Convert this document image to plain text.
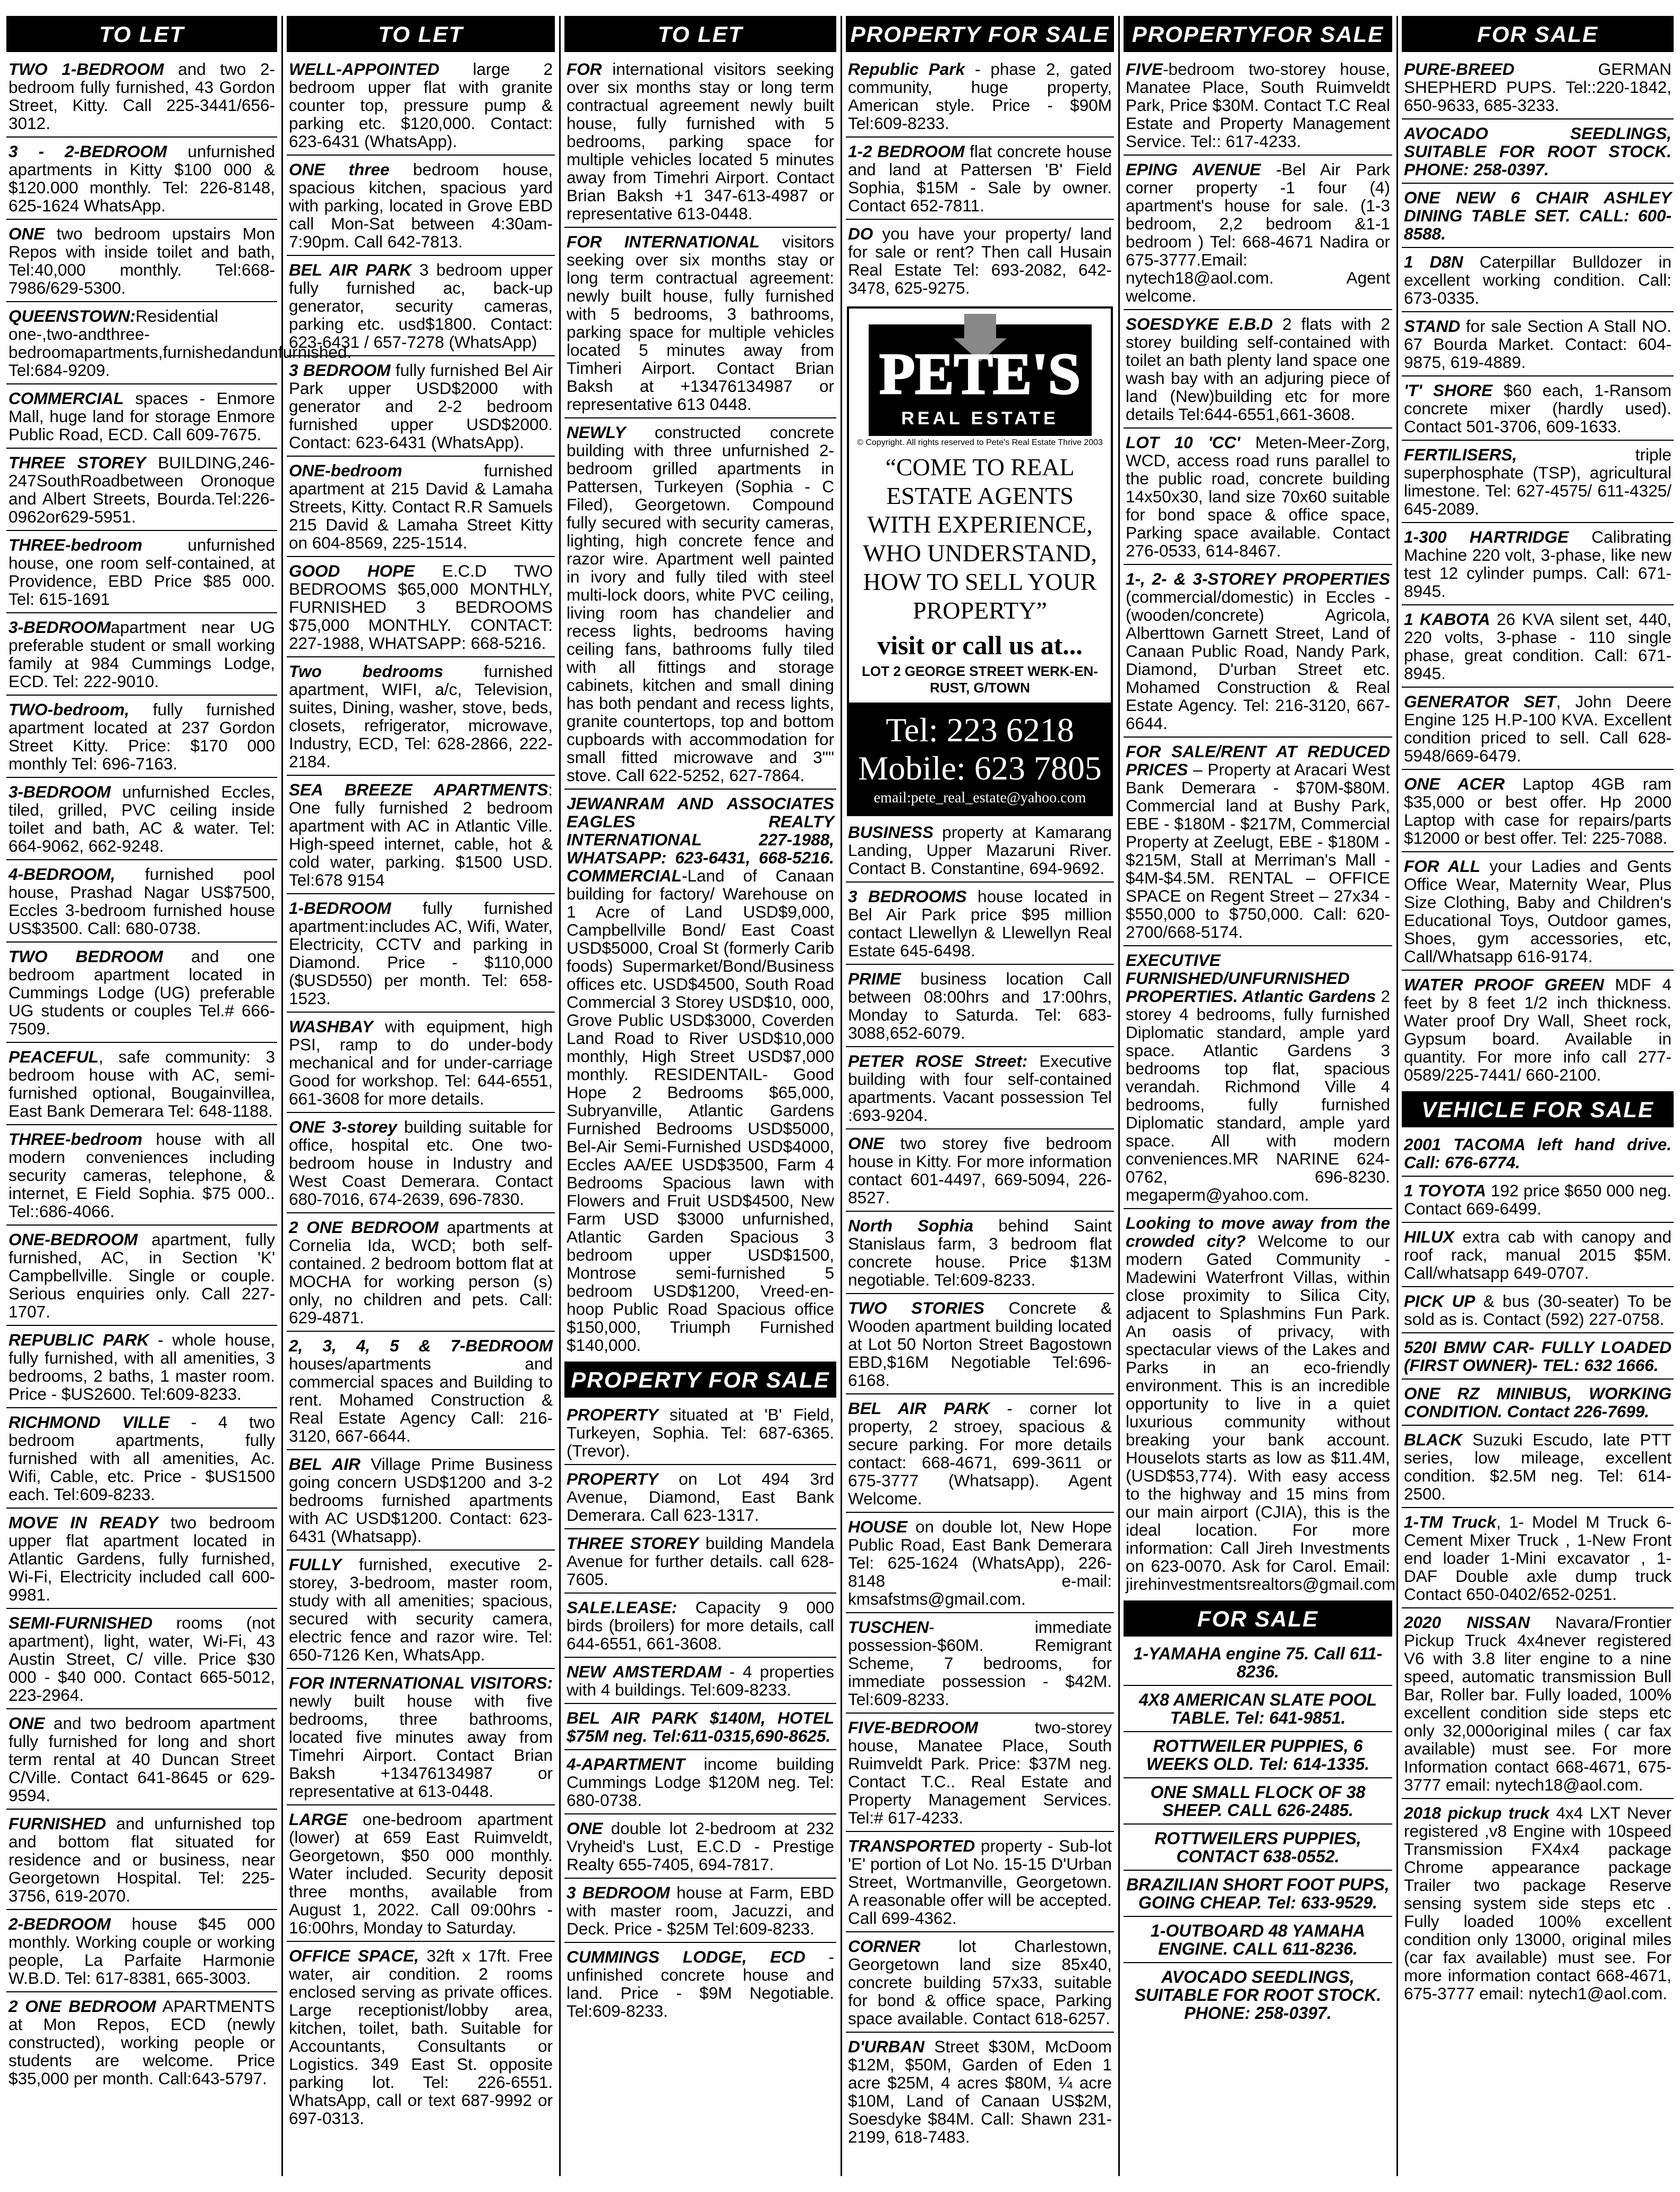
TO LET
TWO 1-BEDROOM and two 2-bedroom fully furnished, 43 Gordon Street, Kitty. Call 225-3441/656-3012.
3 - 2-BEDROOM unfurnished apartments in Kitty $100 000 & $120.000 monthly. Tel: 226-8148, 625-1624 WhatsApp.
ONE two bedroom upstairs Mon Repos with inside toilet and bath, Tel:40,000 monthly. Tel:668-7986/629-5300.
QUEENSTOWN:Residential one-,two-andthree-bedroomapartments,furnishedandunfurnished. Tel:684-9209.
COMMERCIAL spaces - Enmore Mall, huge land for storage Enmore Public Road, ECD. Call 609-7675.
THREE STOREY BUILDING,246-247SouthRoadbetween Oronoque and Albert Streets, Bourda.Tel:226-0962or629-5951.
THREE-bedroom unfurnished house, one room self-contained, at Providence, EBD Price $85 000. Tel: 615-1691
3-BEDROOMapartment near UG preferable student or small working family at 984 Cummings Lodge, ECD. Tel: 222-9010.
TWO-bedroom, fully furnished apartment located at 237 Gordon Street Kitty. Price: $170 000 monthly Tel: 696-7163.
3-BEDROOM unfurnished Eccles, tiled, grilled, PVC ceiling inside toilet and bath, AC & water. Tel: 664-9062, 662-9248.
4-BEDROOM, furnished pool house, Prashad Nagar US$7500, Eccles 3-bedroom furnished house US$3500. Call: 680-0738.
TWO BEDROOM and one bedroom apartment located in Cummings Lodge (UG) preferable UG students or couples Tel.# 666-7509.
PEACEFUL, safe community: 3 bedroom house with AC, semi-furnished optional, Bougainvillea, East Bank Demerara Tel: 648-1188.
THREE-bedroom house with all modern conveniences including security cameras, telephone, & internet, E Field Sophia. $75 000.. Tel::686-4066.
ONE-BEDROOM apartment, fully furnished, AC, in Section 'K' Campbellville. Single or couple. Serious enquiries only. Call 227-1707.
REPUBLIC PARK - whole house, fully furnished, with all amenities, 3 bedrooms, 2 baths, 1 master room. Price - $US2600. Tel:609-8233.
RICHMOND VILLE - 4 two bedroom apartments, fully furnished with all amenities, Ac. Wifi, Cable, etc. Price - $US1500 each. Tel:609-8233.
MOVE IN READY two bedroom upper flat apartment located in Atlantic Gardens, fully furnished, Wi-Fi, Electricity included call 600-9981.
SEMI-FURNISHED rooms (not apartment), light, water, Wi-Fi, 43 Austin Street, C/ ville. Price $30 000 - $40 000. Contact 665-5012, 223-2964.
ONE and two bedroom apartment fully furnished for long and short term rental at 40 Duncan Street C/Ville. Contact 641-8645 or 629-9594.
FURNISHED and unfurnished top and bottom flat situated for residence and or business, near Georgetown Hospital. Tel: 225-3756, 619-2070.
2-BEDROOM house $45 000 monthly. Working couple or working people, La Parfaite Harmonie W.B.D. Tel: 617-8381, 665-3003.
2 ONE BEDROOM APARTMENTS at Mon Repos, ECD (newly constructed), working people or students are welcome. Price $35,000 per month. Call:643-5797.
TO LET
WELL-APPOINTED large 2 bedroom upper flat with granite counter top, pressure pump & parking etc. $120,000. Contact: 623-6431 (WhatsApp).
ONE three bedroom house, spacious kitchen, spacious yard with parking, located in Grove EBD call Mon-Sat between 4:30am-7:90pm. Call 642-7813.
BEL AIR PARK 3 bedroom upper fully furnished ac, back-up generator, security cameras, parking etc. usd$1800. Contact: 623-6431 / 657-7278 (WhatsApp)
3 BEDROOM fully furnished Bel Air Park upper USD$2000 with generator and 2-2 bedroom furnished upper USD$2000. Contact: 623-6431 (WhatsApp).
ONE-bedroom furnished apartment at 215 David & Lamaha Streets, Kitty. Contact R.R Samuels 215 David & Lamaha Street Kitty on 604-8569, 225-1514.
GOOD HOPE E.C.D TWO BEDROOMS $65,000 MONTHLY, FURNISHED 3 BEDROOMS $75,000 MONTHLY. CONTACT: 227-1988, WHATSAPP: 668-5216.
Two bedrooms furnished apartment, WIFI, a/c, Television, suites, Dining, washer, stove, beds, closets, refrigerator, microwave, Industry, ECD, Tel: 628-2866, 222-2184.
SEA BREEZE APARTMENTS: One fully furnished 2 bedroom apartment with AC in Atlantic Ville. High-speed internet, cable, hot & cold water, parking. $1500 USD. Tel:678 9154
1-BEDROOM fully furnished apartment:includes AC, Wifi, Water, Electricity, CCTV and parking in Diamond. Price - $110,000 ($USD550) per month. Tel: 658-1523.
WASHBAY with equipment, high PSI, ramp to do under-body mechanical and for under-carriage Good for workshop. Tel: 644-6551, 661-3608 for more details.
ONE 3-storey building suitable for office, hospital etc. One two-bedroom house in Industry and West Coast Demerara. Contact 680-7016, 674-2639, 696-7830.
2 ONE BEDROOM apartments at Cornelia Ida, WCD; both self-contained. 2 bedroom bottom flat at MOCHA for working person (s) only, no children and pets. Call: 629-4871.
2, 3, 4, 5 & 7-BEDROOM houses/apartments and commercial spaces and Building to rent. Mohamed Construction & Real Estate Agency Call: 216-3120, 667-6644.
BEL AIR Village Prime Business going concern USD$1200 and 3-2 bedrooms furnished apartments with AC USD$1200. Contact: 623-6431 (Whatsapp).
FULLY furnished, executive 2-storey, 3-bedroom, master room, study with all amenities; spacious, secured with security camera, electric fence and razor wire. Tel: 650-7126 Ken, WhatsApp.
FOR INTERNATIONAL VISITORS: newly built house with five bedrooms, three bathrooms, located five minutes away from Timehri Airport. Contact Brian Baksh +13476134987 or representative at 613-0448.
LARGE one-bedroom apartment (lower) at 659 East Ruimveldt, Georgetown, $50 000 monthly. Water included. Security deposit three months, available from August 1, 2022. Call 09:00hrs - 16:00hrs, Monday to Saturday.
OFFICE SPACE, 32ft x 17ft. Free water, air condition. 2 rooms enclosed serving as private offices. Large receptionist/lobby area, kitchen, toilet, bath. Suitable for Accountants, Consultants or Logistics. 349 East St. opposite parking lot. Tel: 226-6551. WhatsApp, call or text 687-9992 or 697-0313.
TO LET
FOR international visitors seeking over six months stay or long term contractual agreement newly built house, fully furnished with 5 bedrooms, parking space for multiple vehicles located 5 minutes away from Timehri Airport. Contact Brian Baksh +1 347-613-4987 or representative 613-0448.
FOR INTERNATIONAL visitors seeking over six months stay or long term contractual agreement: newly built house, fully furnished with 5 bedrooms, 3 bathrooms, parking space for multiple vehicles located 5 minutes away from Timheri Airport. Contact Brian Baksh at +13476134987 or representative 613 0448.
NEWLY constructed concrete building with three unfurnished 2-bedroom grilled apartments in Pattersen, Turkeyen (Sophia - C Filed), Georgetown. Compound fully secured with security cameras, lighting, high concrete fence and razor wire. Apartment well painted in ivory and fully tiled with steel multi-lock doors, white PVC ceiling, living room has chandelier and recess lights, bedrooms having ceiling fans, bathrooms fully tiled with all fittings and storage cabinets, kitchen and small dining has both pendant and recess lights, granite countertops, top and bottom cupboards with accommodation for small fitted microwave and 3"" stove. Call 622-5252, 627-7864.
JEWANRAM AND ASSOCIATES EAGLES REALTY INTERNATIONAL 227-1988, WHATSAPP: 623-6431, 668-5216. COMMERCIAL-Land of Canaan building for factory/ Warehouse on 1 Acre of Land USD$9,000, Campbellville Bond/ East Coast USD$5000, Croal St (formerly Carib foods) Supermarket/Bond/Business offices etc. USD$4500, South Road Commercial 3 Storey USD$10, 000, Grove Public USD$3000, Coverden Land Road to River USD$10,000 monthly, High Street USD$7,000 monthly. RESIDENTAIL- Good Hope 2 Bedrooms $65,000, Subryanville, Atlantic Gardens Furnished Bedrooms USD$5000, Bel-Air Semi-Furnished USD$4000, Eccles AA/EE USD$3500, Farm 4 Bedrooms Spacious lawn with Flowers and Fruit USD$4500, New Farm USD $3000 unfurnished, Atlantic Garden Spacious 3 bedroom upper USD$1500, Montrose semi-furnished 5 bedroom USD$1200, Vreed-en-hoop Public Road Spacious office $150,000, Triumph Furnished $140,000.
PROPERTY FOR SALE
PROPERTY situated at 'B' Field, Turkeyen, Sophia. Tel: 687-6365. (Trevor).
PROPERTY on Lot 494 3rd Avenue, Diamond, East Bank Demerara. Call 623-1317.
THREE STOREY building Mandela Avenue for further details. call 628-7605.
SALE.LEASE: Capacity 9 000 birds (broilers) for more details, call 644-6551, 661-3608.
NEW AMSTERDAM - 4 properties with 4 buildings. Tel:609-8233.
BEL AIR PARK $140M, HOTEL $75M neg. Tel:611-0315,690-8625.
4-APARTMENT income building Cummings Lodge $120M neg. Tel: 680-0738.
ONE double lot 2-bedroom at 232 Vryheid's Lust, E.C.D - Prestige Realty 655-7405, 694-7817.
3 BEDROOM house at Farm, EBD with master room, Jacuzzi, and Deck. Price - $25M Tel:609-8233.
CUMMINGS LODGE, ECD - unfinished concrete house and land. Price - $9M Negotiable. Tel:609-8233.
PROPERTY FOR SALE
Republic Park - phase 2, gated community, huge property, American style. Price - $90M Tel:609-8233.
1-2 BEDROOM flat concrete house and land at Pattersen 'B' Field Sophia, $15M - Sale by owner. Contact 652-7811.
DO you have your property/ land for sale or rent? Then call Husain Real Estate Tel: 693-2082, 642-3478, 625-9275.
PETE'S
REAL ESTATE
© Copyright. All rights reserved to Pete's Real Estate Thrive 2003
“COME TO REAL ESTATE AGENTS WITH EXPERIENCE, WHO UNDERSTAND, HOW TO SELL YOUR PROPERTY”
visit or call us at...
LOT 2 GEORGE STREET WERK-EN-RUST, G/TOWN
Tel: 223 6218
Mobile: 623 7805
email:pete_real_estate@yahoo.com
BUSINESS property at Kamarang Landing, Upper Mazaruni River. Contact B. Constantine, 694-9692.
3 BEDROOMS house located in Bel Air Park price $95 million contact Llewellyn & Llewellyn Real Estate 645-6498.
PRIME business location Call between 08:00hrs and 17:00hrs, Monday to Saturda. Tel: 683-3088,652-6079.
PETER ROSE Street: Executive building with four self-contained apartments. Vacant possession Tel :693-9204.
ONE two storey five bedroom house in Kitty. For more information contact 601-4497, 669-5094, 226-8527.
North Sophia behind Saint Stanislaus farm, 3 bedroom flat concrete house. Price $13M negotiable. Tel:609-8233.
TWO STORIES Concrete & Wooden apartment building located at Lot 50 Norton Street Bagostown EBD,$16M Negotiable Tel:696-6168.
BEL AIR PARK - corner lot property, 2 stroey, spacious & secure parking. For more details contact: 668-4671, 699-3611 or 675-3777 (Whatsapp). Agent Welcome.
HOUSE on double lot, New Hope Public Road, East Bank Demerara Tel: 625-1624 (WhatsApp), 226-8148 e-mail: kmsafstms@gmail.com.
TUSCHEN- immediate possession-$60M. Remigrant Scheme, 7 bedrooms, for immediate possession - $42M. Tel:609-8233.
FIVE-BEDROOM two-storey house, Manatee Place, South Ruimveldt Park. Price: $37M neg. Contact T.C.. Real Estate and Property Management Services. Tel:# 617-4233.
TRANSPORTED property - Sub-lot 'E' portion of Lot No. 15-15 D'Urban Street, Wortmanville, Georgetown. A reasonable offer will be accepted. Call 699-4362.
CORNER lot Charlestown, Georgetown land size 85x40, concrete building 57x33, suitable for bond & office space, Parking space available. Contact 618-6257.
D'URBAN Street $30M, McDoom $12M, $50M, Garden of Eden 1 acre $25M, 4 acres $80M, ¼ acre $10M, Land of Canaan US$2M, Soesdyke $84M. Call: Shawn 231-2199, 618-7483.
PROPERTYFOR SALE
FIVE-bedroom two-storey house, Manatee Place, South Ruimveldt Park, Price $30M. Contact T.C Real Estate and Property Management Service. Tel:: 617-4233.
EPING AVENUE -Bel Air Park corner property -1 four (4) apartment's house for sale. (1-3 bedroom, 2,2 bedroom &1-1 bedroom ) Tel: 668-4671 Nadira or 675-3777.Email: nytech18@aol.com. Agent welcome.
SOESDYKE E.B.D 2 flats with 2 storey building self-contained with toilet an bath plenty land space one wash bay with an adjuring piece of land (New)building etc for more details Tel:644-6551,661-3608.
LOT 10 'CC' Meten-Meer-Zorg, WCD, access road runs parallel to the public road, concrete building 14x50x30, land size 70x60 suitable for bond space & office space, Parking space available. Contact 276-0533, 614-8467.
1-, 2- & 3-STOREY PROPERTIES (commercial/domestic) in Eccles -(wooden/concrete) Agricola, Alberttown Garnett Street, Land of Canaan Public Road, Nandy Park, Diamond, D'urban Street etc. Mohamed Construction & Real Estate Agency. Tel: 216-3120, 667-6644.
FOR SALE/RENT AT REDUCED PRICES – Property at Aracari West Bank Demerara - $70M-$80M. Commercial land at Bushy Park, EBE - $180M - $217M, Commercial Property at Zeelugt, EBE - $180M - $215M, Stall at Merriman's Mall - $4M-$4.5M. RENTAL – OFFICE SPACE on Regent Street – 27x34 - $550,000 to $750,000. Call: 620-2700/668-5174.
EXECUTIVE FURNISHED/UNFURNISHED PROPERTIES. Atlantic Gardens 2 storey 4 bedrooms, fully furnished Diplomatic standard, ample yard space. Atlantic Gardens 3 bedrooms top flat, spacious verandah. Richmond Ville 4 bedrooms, fully furnished Diplomatic standard, ample yard space. All with modern conveniences.MR NARINE 624-0762, 696-8230. megaperm@yahoo.com.
Looking to move away from the crowded city? Welcome to our modern Gated Community - Madewini Waterfront Villas, within close proximity to Silica City, adjacent to Splashmins Fun Park. An oasis of privacy, with spectacular views of the Lakes and Parks in an eco-friendly environment. This is an incredible opportunity to live in a quiet luxurious community without breaking your bank account. Houselots starts as low as $11.4M, (USD$53,774). With easy access to the highway and 15 mins from our main airport (CJIA), this is the ideal location. For more information: Call Jireh Investments on 623-0070. Ask for Carol. Email: jirehinvestmentsrealtors@gmail.com
FOR SALE
1-YAMAHA engine 75. Call 611-8236.
4X8 AMERICAN SLATE POOL TABLE. Tel: 641-9851.
ROTTWEILER PUPPIES, 6 WEEKS OLD. Tel: 614-1335.
ONE SMALL FLOCK OF 38 SHEEP. CALL 626-2485.
ROTTWEILERS PUPPIES, CONTACT 638-0552.
BRAZILIAN SHORT FOOT PUPS, GOING CHEAP. Tel: 633-9529.
1-OUTBOARD 48 YAMAHA ENGINE. CALL 611-8236.
AVOCADO SEEDLINGS, SUITABLE FOR ROOT STOCK. PHONE: 258-0397.
FOR SALE
PURE-BREED GERMAN SHEPHERD PUPS. Tel::220-1842, 650-9633, 685-3233.
AVOCADO SEEDLINGS, SUITABLE FOR ROOT STOCK. PHONE: 258-0397.
ONE NEW 6 CHAIR ASHLEY DINING TABLE SET. CALL: 600-8588.
1 D8N Caterpillar Bulldozer in excellent working condition. Call: 673-0335.
STAND for sale Section A Stall NO. 67 Bourda Market. Contact: 604-9875, 619-4889.
'T' SHORE $60 each, 1-Ransom concrete mixer (hardly used). Contact 501-3706, 609-1633.
FERTILISERS, triple superphosphate (TSP), agricultural limestone. Tel: 627-4575/ 611-4325/ 645-2089.
1-300 HARTRIDGE Calibrating Machine 220 volt, 3-phase, like new test 12 cylinder pumps. Call: 671-8945.
1 KABOTA 26 KVA silent set, 440, 220 volts, 3-phase - 110 single phase, great condition. Call: 671-8945.
GENERATOR SET, John Deere Engine 125 H.P-100 KVA. Excellent condition priced to sell. Call 628-5948/669-6479.
ONE ACER Laptop 4GB ram $35,000 or best offer. Hp 2000 Laptop with case for repairs/parts $12000 or best offer. Tel: 225-7088.
FOR ALL your Ladies and Gents Office Wear, Maternity Wear, Plus Size Clothing, Baby and Children's Educational Toys, Outdoor games, Shoes, gym accessories, etc, Call/Whatsapp 616-9174.
WATER PROOF GREEN MDF 4 feet by 8 feet 1/2 inch thickness. Water proof Dry Wall, Sheet rock, Gypsum board. Available in quantity. For more info call 277-0589/225-7441/ 660-2100.
VEHICLE FOR SALE
2001 TACOMA left hand drive. Call: 676-6774.
1 TOYOTA 192 price $650 000 neg. Contact 669-6499.
HILUX extra cab with canopy and roof rack, manual 2015 $5M. Call/whatsapp 649-0707.
PICK UP & bus (30-seater) To be sold as is. Contact (592) 227-0758.
520I BMW CAR- FULLY LOADED (FIRST OWNER)- TEL: 632 1666.
ONE RZ MINIBUS, WORKING CONDITION. Contact 226-7699.
BLACK Suzuki Escudo, late PTT series, low mileage, excellent condition. $2.5M neg. Tel: 614-2500.
1-TM Truck, 1- Model M Truck 6-Cement Mixer Truck , 1-New Front end loader 1-Mini excavator , 1-DAF Double axle dump truck Contact 650-0402/652-0251.
2020 NISSAN Navara/Frontier Pickup Truck 4x4never registered V6 with 3.8 liter engine to a nine speed, automatic transmission Bull Bar, Roller bar. Fully loaded, 100% excellent condition side steps etc only 32,000original miles ( car fax available) must see. For more Information contact 668-4671, 675-3777 email: nytech18@aol.com.
2018 pickup truck 4x4 LXT Never registered ,v8 Engine with 10speed Transmission FX4x4 package Chrome appearance package Trailer two package Reserve sensing system side steps etc . Fully loaded 100% excellent condition only 13000, original miles (car fax available) must see. For more information contact 668-4671, 675-3777 email: nytech1@aol.com.
